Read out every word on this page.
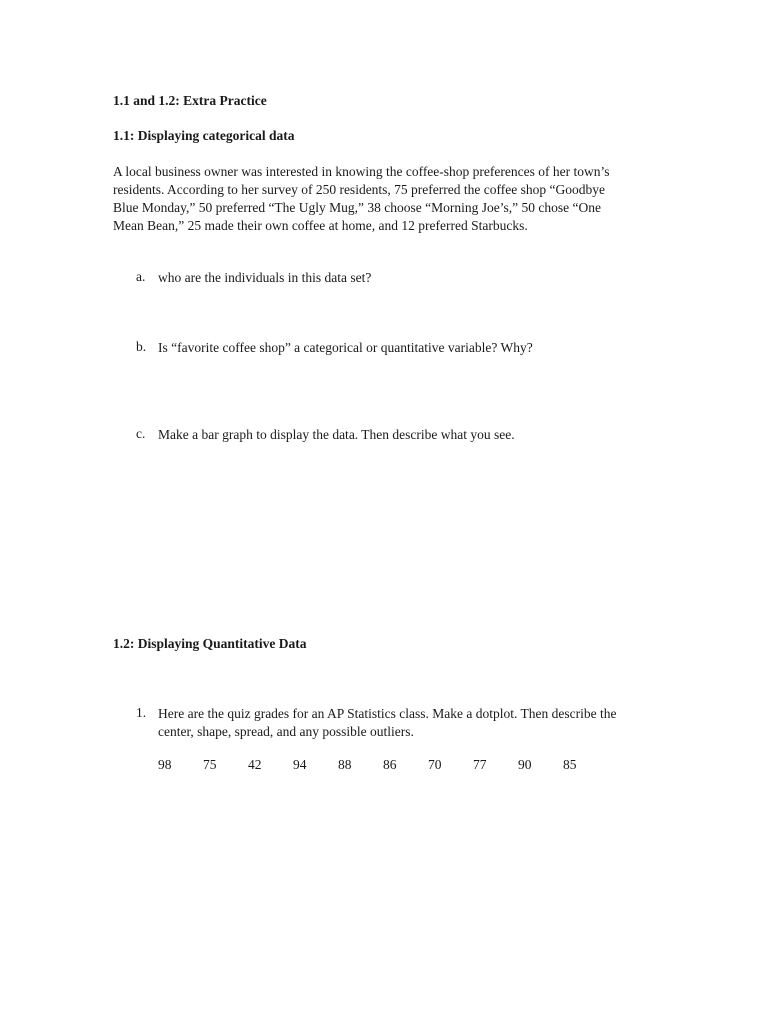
1.1 and 1.2: Extra Practice
1.1: Displaying categorical data
A local business owner was interested in knowing the coffee-shop preferences of her town’s
residents. According to her survey of 250 residents, 75 preferred the coffee shop “Goodbye
Blue Monday,” 50 preferred “The Ugly Mug,” 38 choose “Morning Joe’s,” 50 chose “One
Mean Bean,” 25 made their own coffee at home, and 12 preferred Starbucks.
a. who are the individuals in this data set?
b. Is “favorite coffee shop” a categorical or quantitative variable? Why?
c. Make a bar graph to display the data. Then describe what you see.
1.2: Displaying Quantitative Data
1. Here are the quiz grades for an AP Statistics class. Make a dotplot. Then describe the
center, shape, spread, and any possible outliers.
98 75 42 94 88 86 70 77 90 85
